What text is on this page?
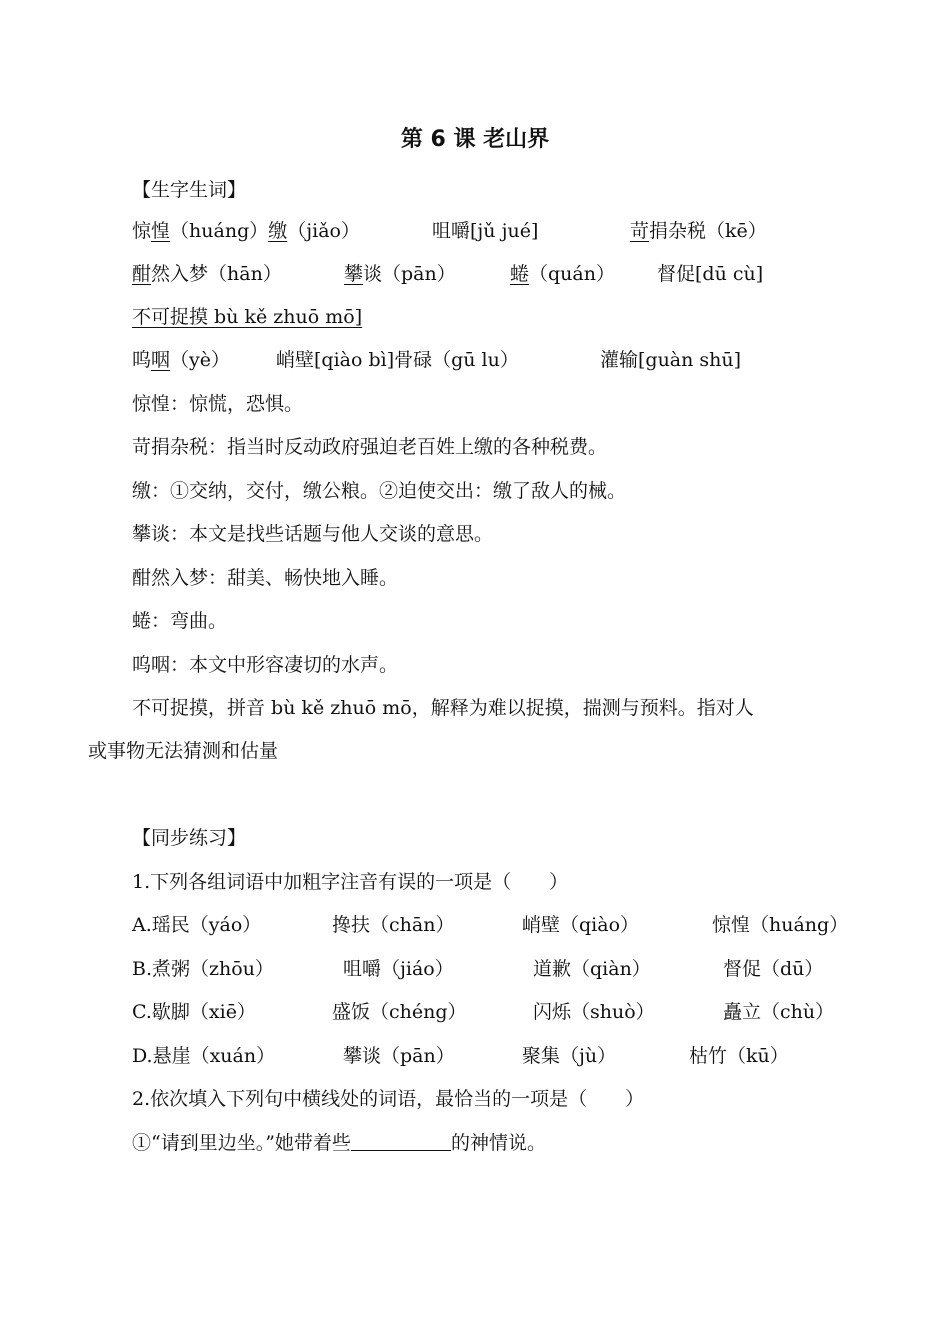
第 6 课 老山界
【生字生词】
惊惶（huáng）缴（jiǎo）	咀嚼[jǔ jué]	苛捐杂税（kē）
酣然入梦（hān）	攀谈（pān）	蜷（quán） 督促[dū cù]
不可捉摸 bù kě zhuō mō]
呜咽（yè） 峭壁[qiào bì]骨碌（gū lu）	灌输[guàn shū]
惊惶：惊慌，恐惧。
苛捐杂税：指当时反动政府强迫老百姓上缴的各种税费。
缴：①交纳，交付，缴公粮。②迫使交出：缴了敌人的械。
攀谈：本文是找些话题与他人交谈的意思。
酣然入梦：甜美、畅快地入睡。
蜷：弯曲。
呜咽：本文中形容凄切的水声。
不可捉摸，拼音 bù kě zhuō mō，解释为难以捉摸，揣测与预料。指对人
或事物无法猜测和估量
【同步练习】
1.下列各组词语中加粗字注音有误的一项是（　　）
A.瑶民（yáo）	搀扶（chān）	峭壁（qiào）	惊惶（huáng）
B.煮粥（zhōu）	咀嚼（jiáo）	道歉（qiàn）	督促（dū）
C.歇脚（xiē）	盛饭（chéng）	闪烁（shuò）	矗立（chù）
D.悬崖（xuán）	攀谈（pān）	聚集（jù）	枯竹（kū）
2.依次填入下列句中横线处的词语，最恰当的一项是（　　）
①“请到里边坐。”她带着些	的神情说。
